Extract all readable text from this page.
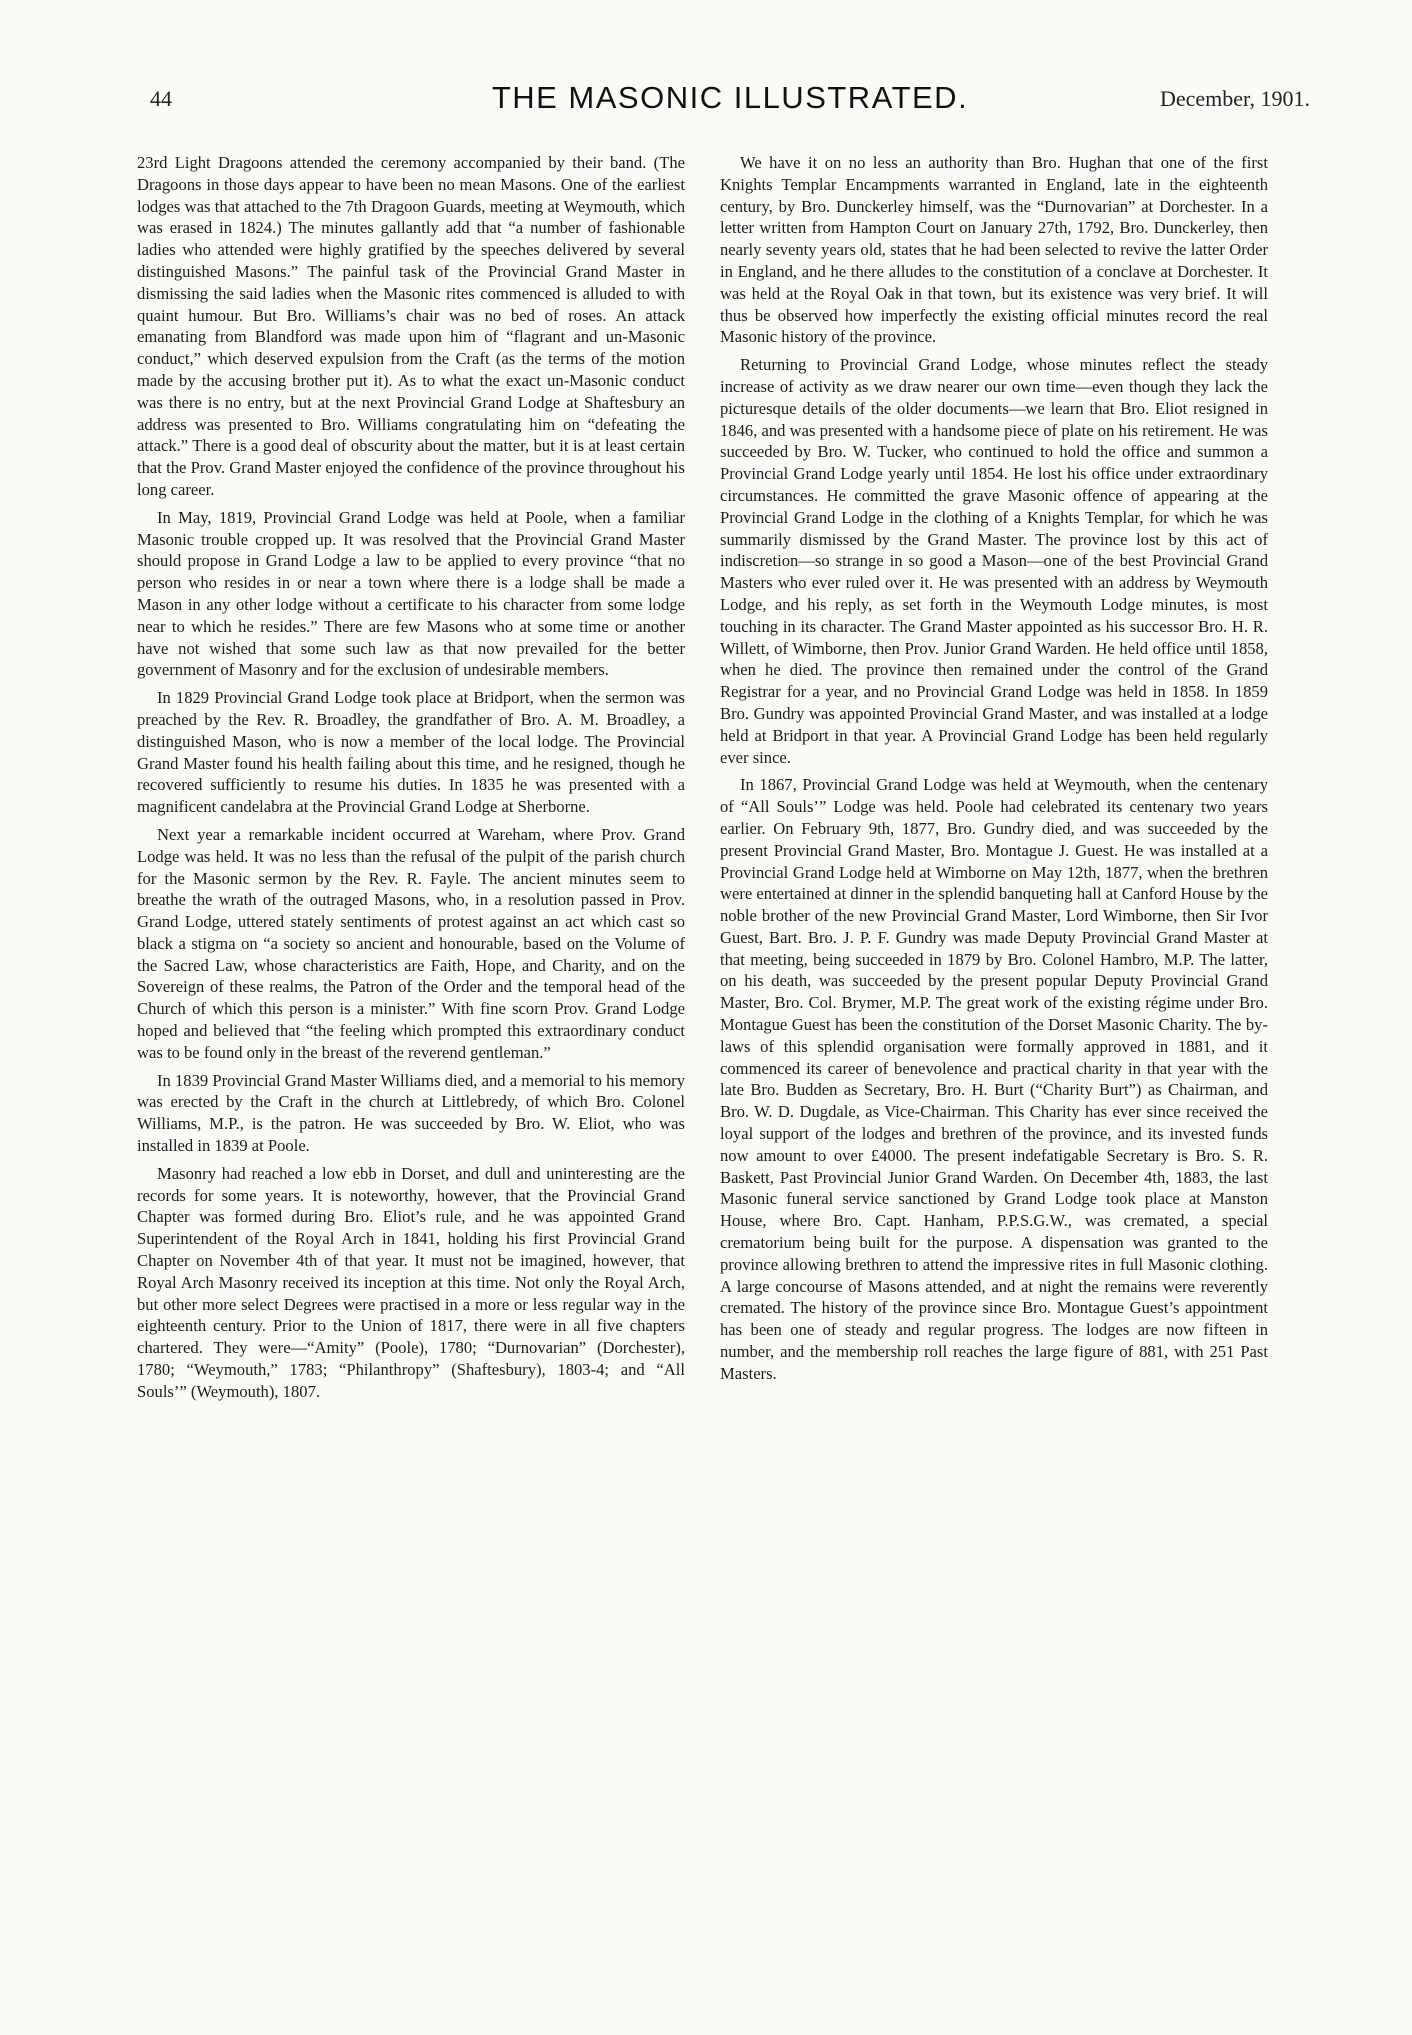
44	THE MASONIC ILLUSTRATED.	December, 1901.

23rd Light Dragoons attended the ceremony accompanied by their band. (The Dragoons in those days appear to have been no mean Masons. One of the earliest lodges was that attached to the 7th Dragoon Guards, meeting at Weymouth, which was erased in 1824.) The minutes gallantly add that “a number of fashionable ladies who attended were highly gratified by the speeches delivered by several distinguished Masons.” The painful task of the Provincial Grand Master in dismissing the said ladies when the Masonic rites commenced is alluded to with quaint humour. But Bro. Williams’s chair was no bed of roses. An attack emanating from Blandford was made upon him of “flagrant and un-Masonic conduct,” which deserved expulsion from the Craft (as the terms of the motion made by the accusing brother put it). As to what the exact un-Masonic conduct was there is no entry, but at the next Provincial Grand Lodge at Shaftesbury an address was presented to Bro. Williams congratulating him on “defeating the attack.” There is a good deal of obscurity about the matter, but it is at least certain that the Prov. Grand Master enjoyed the confidence of the province throughout his long career.

In May, 1819, Provincial Grand Lodge was held at Poole, when a familiar Masonic trouble cropped up. It was resolved that the Provincial Grand Master should propose in Grand Lodge a law to be applied to every province “that no person who resides in or near a town where there is a lodge shall be made a Mason in any other lodge without a certificate to his character from some lodge near to which he resides.” There are few Masons who at some time or another have not wished that some such law as that now prevailed for the better government of Masonry and for the exclusion of undesirable members.

In 1829 Provincial Grand Lodge took place at Bridport, when the sermon was preached by the Rev. R. Broadley, the grandfather of Bro. A. M. Broadley, a distinguished Mason, who is now a member of the local lodge. The Provincial Grand Master found his health failing about this time, and he resigned, though he recovered sufficiently to resume his duties. In 1835 he was presented with a magnificent candelabra at the Provincial Grand Lodge at Sherborne.

Next year a remarkable incident occurred at Wareham, where Prov. Grand Lodge was held. It was no less than the refusal of the pulpit of the parish church for the Masonic sermon by the Rev. R. Fayle. The ancient minutes seem to breathe the wrath of the outraged Masons, who, in a resolution passed in Prov. Grand Lodge, uttered stately sentiments of protest against an act which cast so black a stigma on “a society so ancient and honourable, based on the Volume of the Sacred Law, whose characteristics are Faith, Hope, and Charity, and on the Sovereign of these realms, the Patron of the Order and the temporal head of the Church of which this person is a minister.” With fine scorn Prov. Grand Lodge hoped and believed that “the feeling which prompted this extraordinary conduct was to be found only in the breast of the reverend gentleman.”

In 1839 Provincial Grand Master Williams died, and a memorial to his memory was erected by the Craft in the church at Littlebredy, of which Bro. Colonel Williams, M.P., is the patron. He was succeeded by Bro. W. Eliot, who was installed in 1839 at Poole.

Masonry had reached a low ebb in Dorset, and dull and uninteresting are the records for some years. It is noteworthy, however, that the Provincial Grand Chapter was formed during Bro. Eliot’s rule, and he was appointed Grand Superintendent of the Royal Arch in 1841, holding his first Provincial Grand Chapter on November 4th of that year. It must not be imagined, however, that Royal Arch Masonry received its inception at this time. Not only the Royal Arch, but other more select Degrees were practised in a more or less regular way in the eighteenth century. Prior to the Union of 1817, there were in all five chapters chartered. They were—“Amity” (Poole), 1780; “Durnovarian” (Dorchester), 1780; “Weymouth,” 1783; “Philanthropy” (Shaftesbury), 1803-4; and “All Souls’” (Weymouth), 1807.

We have it on no less an authority than Bro. Hughan that one of the first Knights Templar Encampments warranted in England, late in the eighteenth century, by Bro. Dunckerley himself, was the “Durnovarian” at Dorchester. In a letter written from Hampton Court on January 27th, 1792, Bro. Dunckerley, then nearly seventy years old, states that he had been selected to revive the latter Order in England, and he there alludes to the constitution of a conclave at Dorchester. It was held at the Royal Oak in that town, but its existence was very brief. It will thus be observed how imperfectly the existing official minutes record the real Masonic history of the province.

Returning to Provincial Grand Lodge, whose minutes reflect the steady increase of activity as we draw nearer our own time—even though they lack the picturesque details of the older documents—we learn that Bro. Eliot resigned in 1846, and was presented with a handsome piece of plate on his retirement. He was succeeded by Bro. W. Tucker, who continued to hold the office and summon a Provincial Grand Lodge yearly until 1854. He lost his office under extraordinary circumstances. He committed the grave Masonic offence of appearing at the Provincial Grand Lodge in the clothing of a Knights Templar, for which he was summarily dismissed by the Grand Master. The province lost by this act of indiscretion—so strange in so good a Mason—one of the best Provincial Grand Masters who ever ruled over it. He was presented with an address by Weymouth Lodge, and his reply, as set forth in the Weymouth Lodge minutes, is most touching in its character. The Grand Master appointed as his successor Bro. H. R. Willett, of Wimborne, then Prov. Junior Grand Warden. He held office until 1858, when he died. The province then remained under the control of the Grand Registrar for a year, and no Provincial Grand Lodge was held in 1858. In 1859 Bro. Gundry was appointed Provincial Grand Master, and was installed at a lodge held at Bridport in that year. A Provincial Grand Lodge has been held regularly ever since.

In 1867, Provincial Grand Lodge was held at Weymouth, when the centenary of “All Souls’” Lodge was held. Poole had celebrated its centenary two years earlier. On February 9th, 1877, Bro. Gundry died, and was succeeded by the present Provincial Grand Master, Bro. Montague J. Guest. He was installed at a Provincial Grand Lodge held at Wimborne on May 12th, 1877, when the brethren were entertained at dinner in the splendid banqueting hall at Canford House by the noble brother of the new Provincial Grand Master, Lord Wimborne, then Sir Ivor Guest, Bart. Bro. J. P. F. Gundry was made Deputy Provincial Grand Master at that meeting, being succeeded in 1879 by Bro. Colonel Hambro, M.P. The latter, on his death, was succeeded by the present popular Deputy Provincial Grand Master, Bro. Col. Brymer, M.P. The great work of the existing régime under Bro. Montague Guest has been the constitution of the Dorset Masonic Charity. The by-laws of this splendid organisation were formally approved in 1881, and it commenced its career of benevolence and practical charity in that year with the late Bro. Budden as Secretary, Bro. H. Burt (“Charity Burt”) as Chairman, and Bro. W. D. Dugdale, as Vice-Chairman. This Charity has ever since received the loyal support of the lodges and brethren of the province, and its invested funds now amount to over £4000. The present indefatigable Secretary is Bro. S. R. Baskett, Past Provincial Junior Grand Warden. On December 4th, 1883, the last Masonic funeral service sanctioned by Grand Lodge took place at Manston House, where Bro. Capt. Hanham, P.P.S.G.W., was cremated, a special crematorium being built for the purpose. A dispensation was granted to the province allowing brethren to attend the impressive rites in full Masonic clothing. A large concourse of Masons attended, and at night the remains were reverently cremated. The history of the province since Bro. Montague Guest’s appointment has been one of steady and regular progress. The lodges are now fifteen in number, and the membership roll reaches the large figure of 881, with 251 Past Masters.
